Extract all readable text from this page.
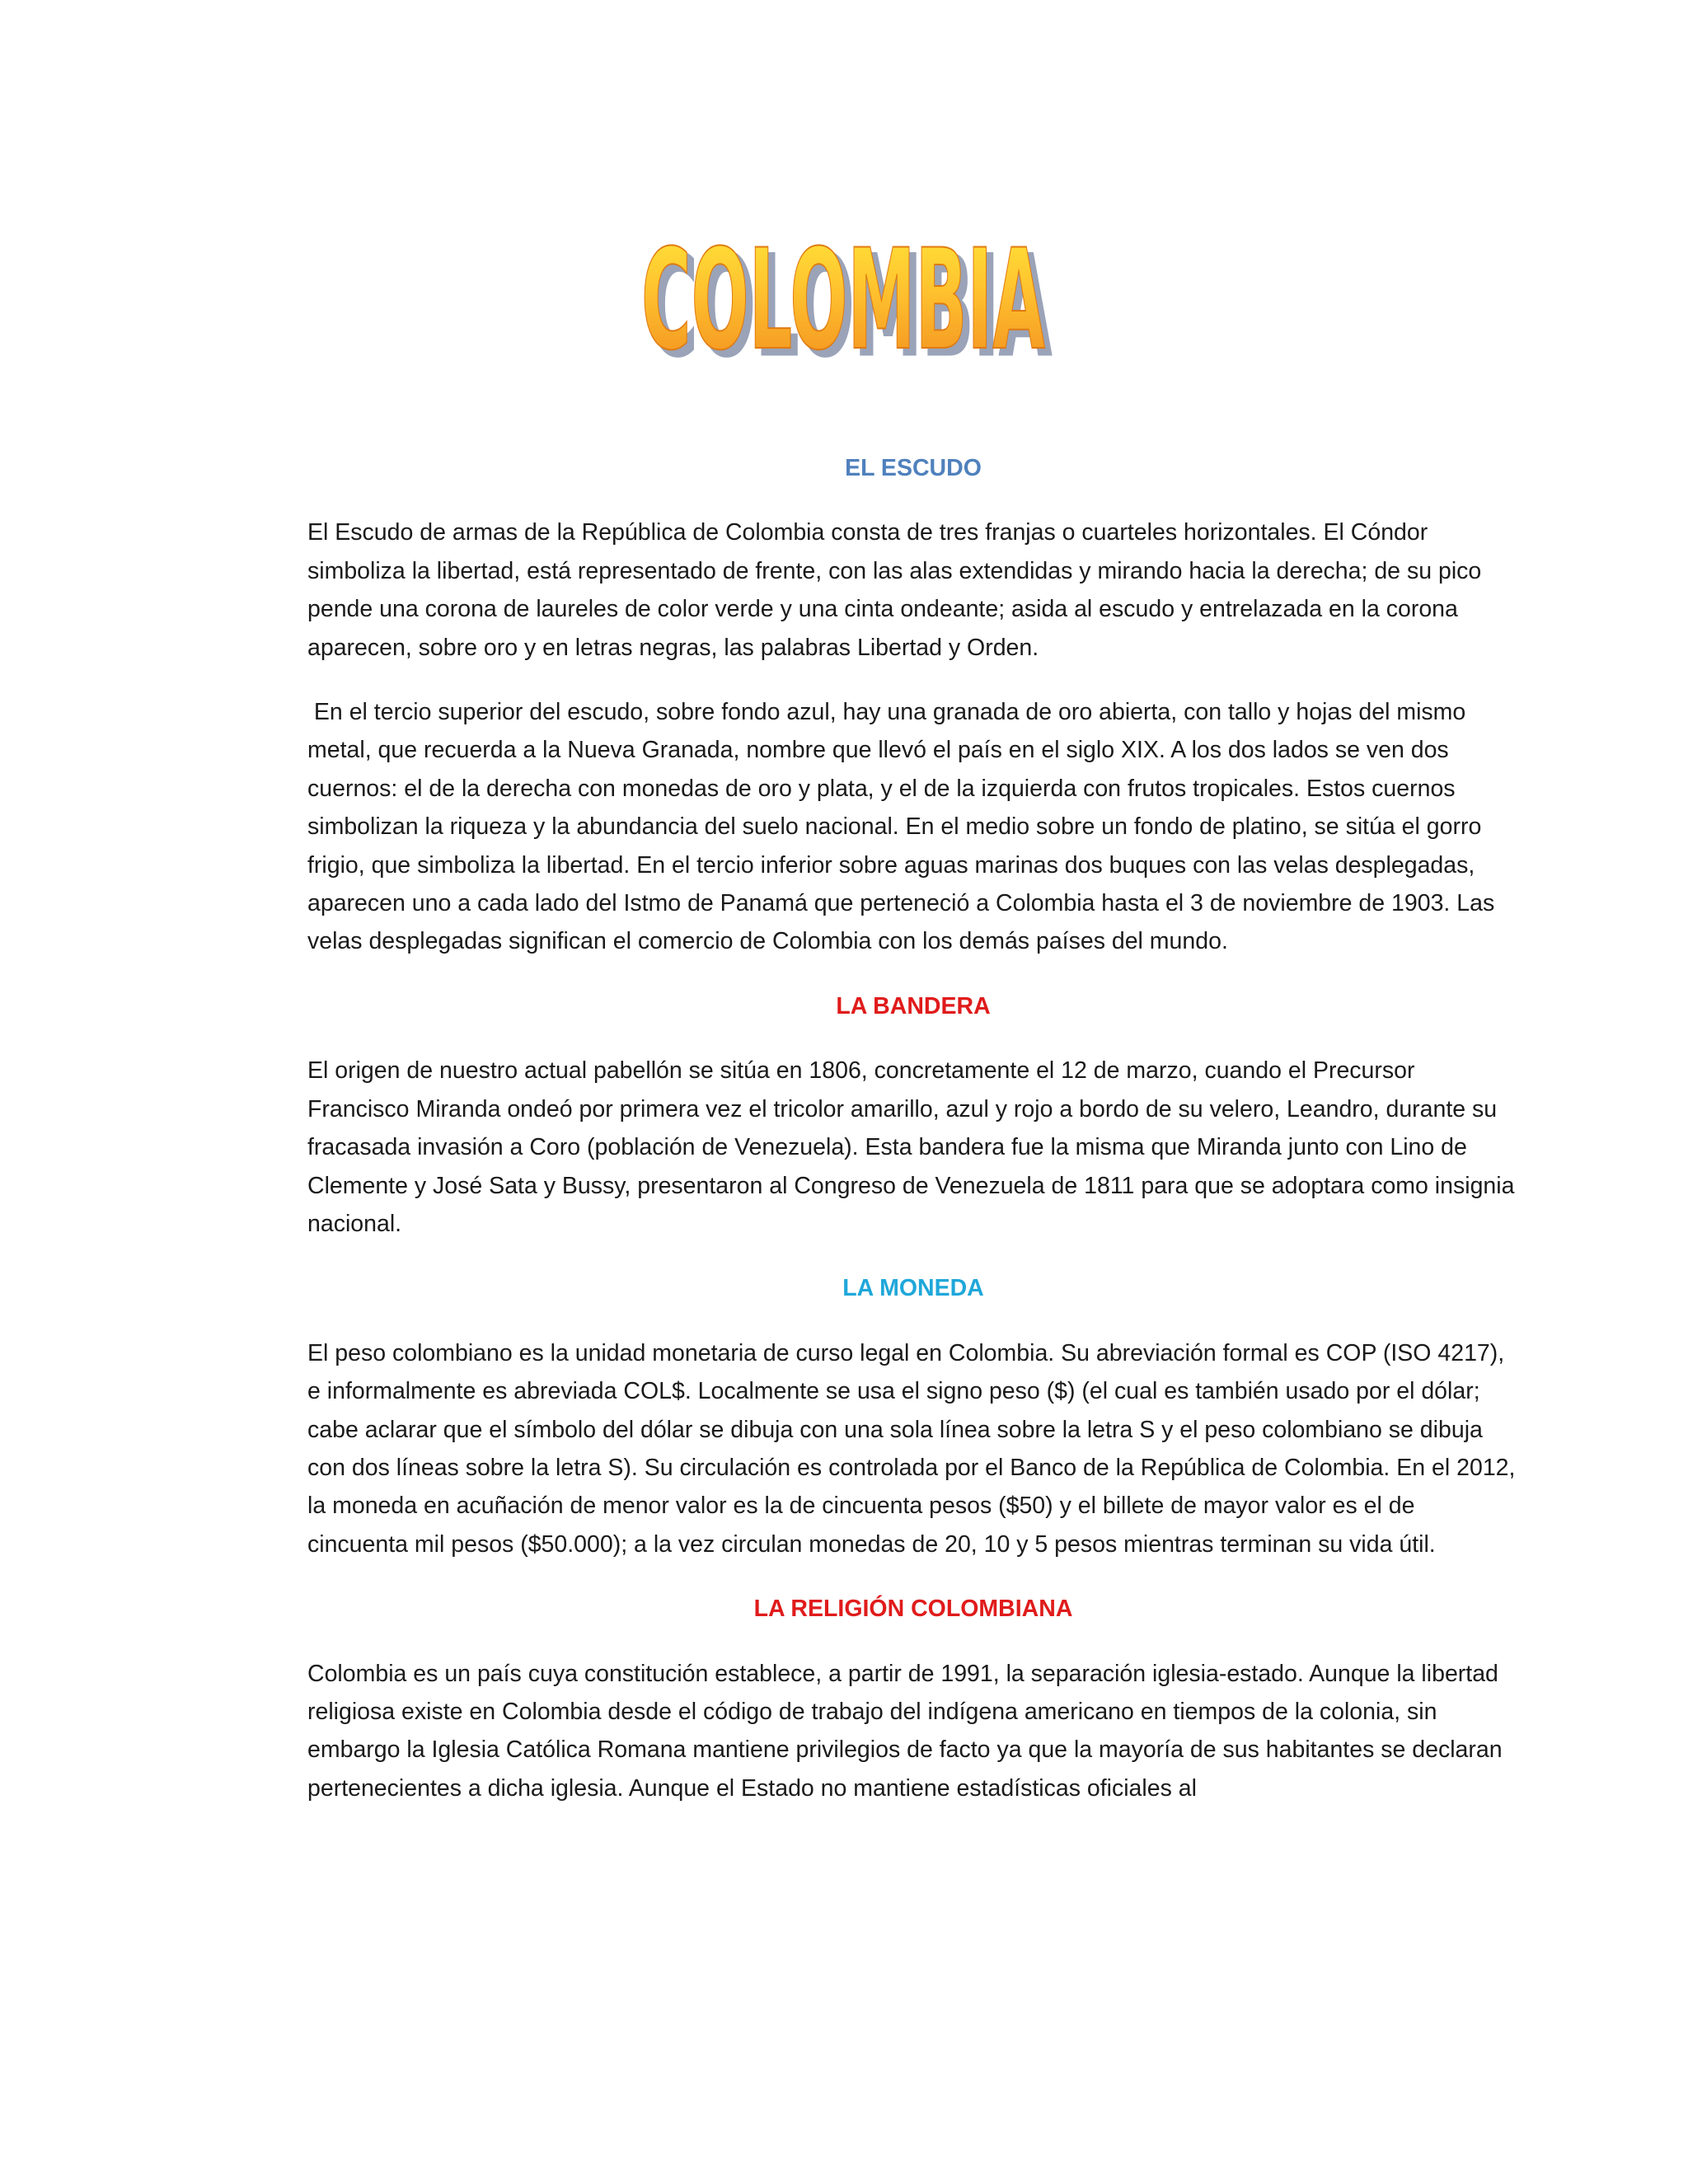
COLOMBIA
COLOMBIA
EL ESCUDO

El Escudo de armas de la República de Colombia consta de tres franjas o cuarteles horizontales. El Cóndor simboliza la libertad, está representado de frente, con las alas extendidas y mirando hacia la derecha; de su pico pende una corona de laureles de color verde y una cinta ondeante; asida al escudo y entrelazada en la corona aparecen, sobre oro y en letras negras, las palabras Libertad y Orden.

En el tercio superior del escudo, sobre fondo azul, hay una granada de oro abierta, con tallo y hojas del mismo metal, que recuerda a la Nueva Granada, nombre que llevó el país en el siglo XIX. A los dos lados se ven dos cuernos: el de la derecha con monedas de oro y plata, y el de la izquierda con frutos tropicales. Estos cuernos simbolizan la riqueza y la abundancia del suelo nacional. En el medio sobre un fondo de platino, se sitúa el gorro frigio, que simboliza la libertad. En el tercio inferior sobre aguas marinas dos buques con las velas desplegadas, aparecen uno a cada lado del Istmo de Panamá que perteneció a Colombia hasta el 3 de noviembre de 1903. Las velas desplegadas significan el comercio de Colombia con los demás países del mundo.

LA BANDERA

El origen de nuestro actual pabellón se sitúa en 1806, concretamente el 12 de marzo, cuando el Precursor Francisco Miranda ondeó por primera vez el tricolor amarillo, azul y rojo a bordo de su velero, Leandro, durante su fracasada invasión a Coro (población de Venezuela). Esta bandera fue la misma que Miranda junto con Lino de Clemente y José Sata y Bussy, presentaron al Congreso de Venezuela de 1811 para que se adoptara como insignia nacional.

LA MONEDA

El peso colombiano es la unidad monetaria de curso legal en Colombia. Su abreviación formal es COP (ISO 4217), e informalmente es abreviada COL$. Localmente se usa el signo peso ($) (el cual es también usado por el dólar; cabe aclarar que el símbolo del dólar se dibuja con una sola línea sobre la letra S y el peso colombiano se dibuja con dos líneas sobre la letra S). Su circulación es controlada por el Banco de la República de Colombia. En el 2012, la moneda en acuñación de menor valor es la de cincuenta pesos ($50) y el billete de mayor valor es el de cincuenta mil pesos ($50.000); a la vez circulan monedas de 20, 10 y 5 pesos mientras terminan su vida útil.

LA RELIGIÓN COLOMBIANA

Colombia es un país cuya constitución establece, a partir de 1991, la separación iglesia-estado. Aunque la libertad religiosa existe en Colombia desde el código de trabajo del indígena americano en tiempos de la colonia, sin embargo la Iglesia Católica Romana mantiene privilegios de facto ya que la mayoría de sus habitantes se declaran pertenecientes a dicha iglesia. Aunque el Estado no mantiene estadísticas oficiales al
